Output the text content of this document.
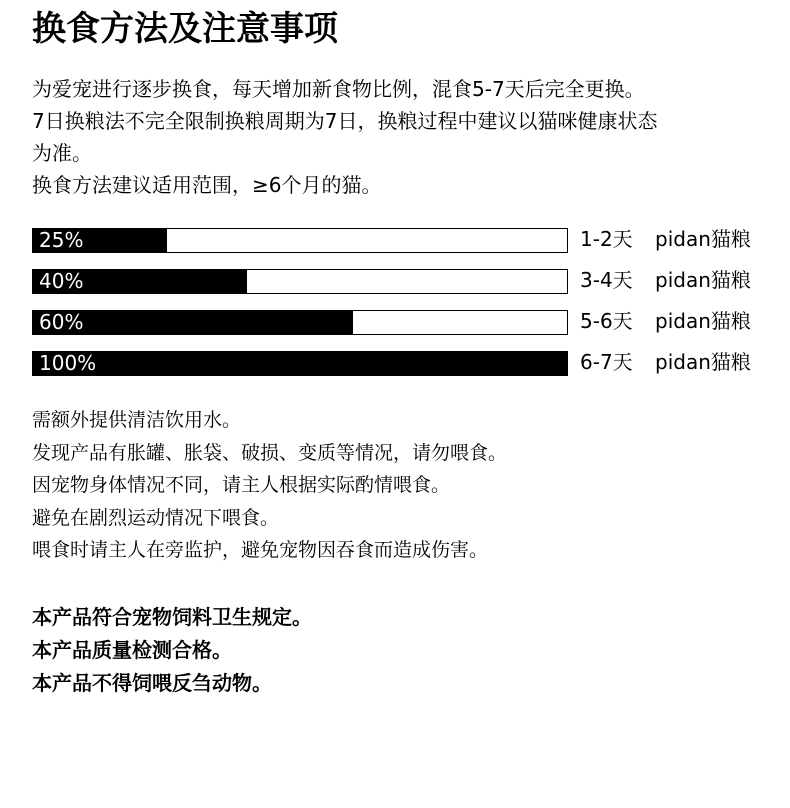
换食方法及注意事项

为爱宠进行逐步换食，每天增加新食物比例，混食5-7天后完全更换。

7日换粮法不完全限制换粮周期为7日，换粮过程中建议以猫咪健康状态

为准。

换食方法建议适用范围，≥6个月的猫。

25%	1-2天 pidan猫粮
40%	3-4天 pidan猫粮
60%	5-6天 pidan猫粮
100%	6-7天 pidan猫粮

需额外提供清洁饮用水。

发现产品有胀罐、胀袋、破损、变质等情况，请勿喂食。

因宠物身体情况不同，请主人根据实际酌情喂食。

避免在剧烈运动情况下喂食。

喂食时请主人在旁监护，避免宠物因吞食而造成伤害。

本产品符合宠物饲料卫生规定。

本产品质量检测合格。

本产品不得饲喂反刍动物。
